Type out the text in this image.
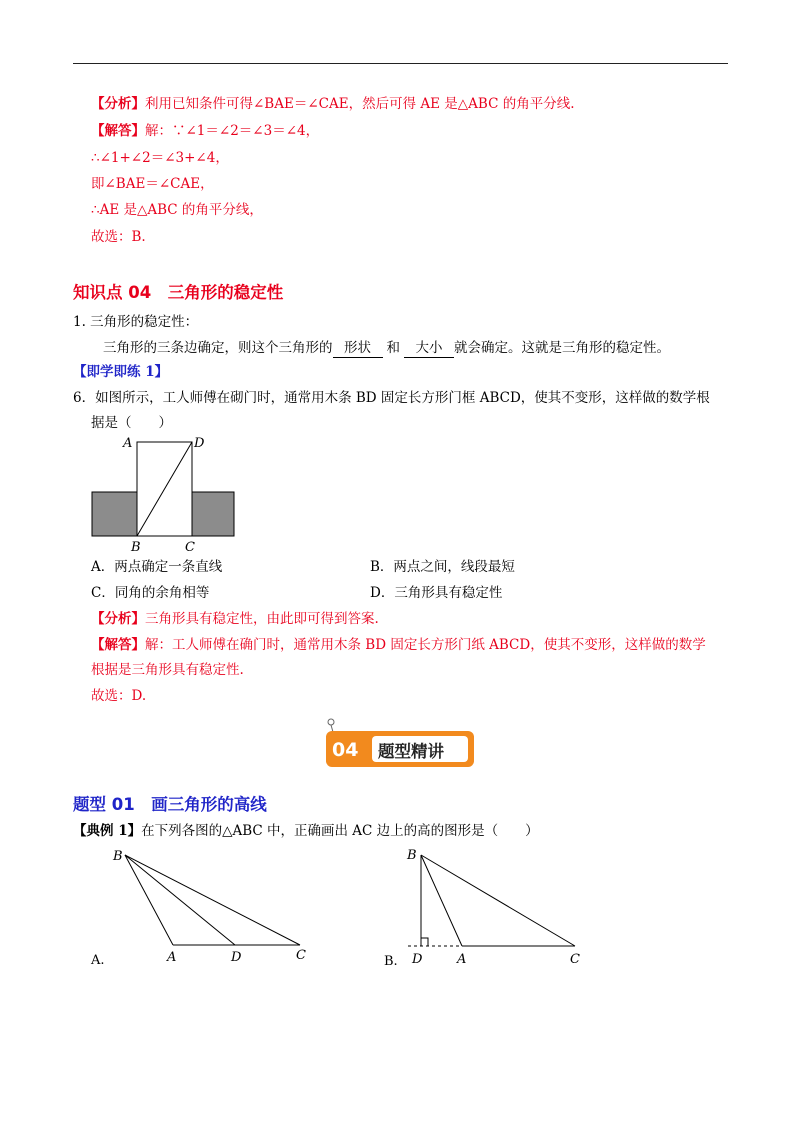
【分析】利用已知条件可得∠BAE＝∠CAE，然后可得 AE 是△ABC 的角平分线.
【解答】解：∵∠1＝∠2＝∠3＝∠4，
∴∠1+∠2＝∠3+∠4，
即∠BAE＝∠CAE，
∴AE 是△ABC 的角平分线，
故选：B.
知识点 04　三角形的稳定性
1. 三角形的稳定性：
三角形的三条边确定，则这个三角形的 形状 和 大小 就会确定。这就是三角形的稳定性。
【即学即练 1】
6．如图所示，工人师傅在砌门时，通常用木条 BD 固定长方形门框 ABCD，使其不变形，这样做的数学根
据是（　　）
A	D
B	C
A．两点确定一条直线	B．两点之间，线段最短
C．同角的余角相等	D．三角形具有稳定性
【分析】三角形具有稳定性，由此即可得到答案.
【解答】解：工人师傅在确门时，通常用木条 BD 固定长方形门纸 ABCD，使其不变形，这样做的数学
根据是三角形具有稳定性.
故选：D.
04 题型精讲
题型 01　画三角形的高线
【典例 1】在下列各图的△ABC 中，正确画出 AC 边上的高的图形是（　　）
B
A	D	C
A.
B
D	A	C
B.
